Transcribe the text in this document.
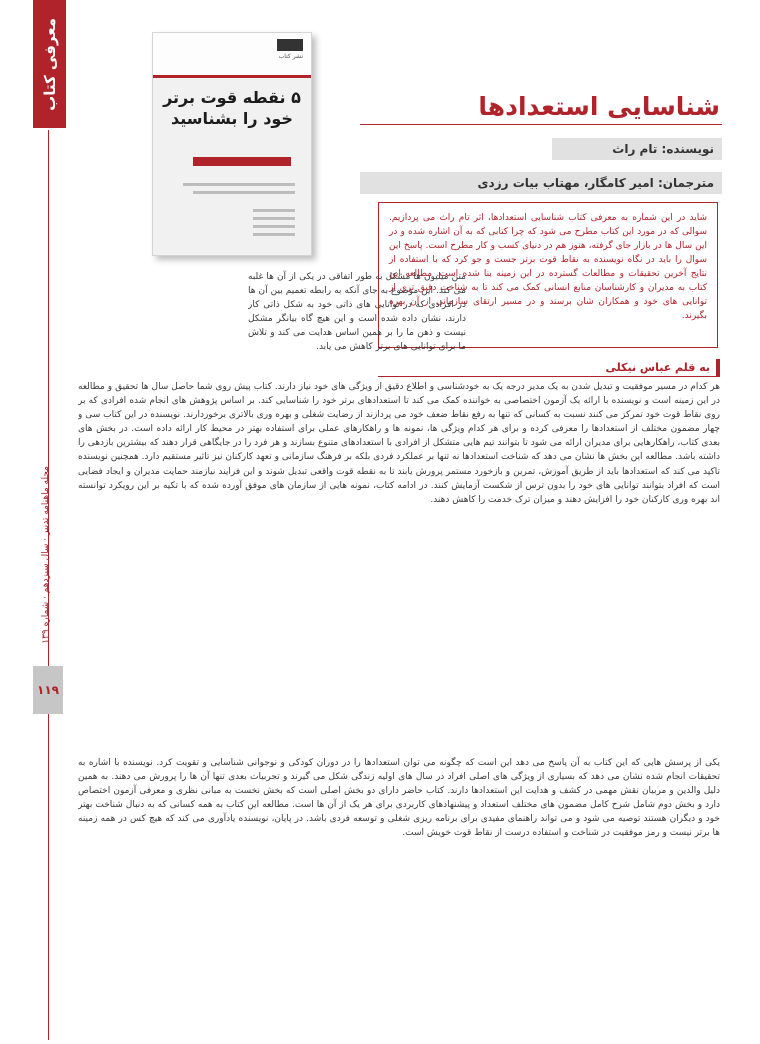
معرفی کتاب
مجله ماهنامه تدبیر · سال سیزدهم · شماره ۱۳۹
۱۱۹
نشر کتاب
۵ نقطه قوت برتر خود را بشناسید	شناسایی استعدادها
نویسنده: تام راث
مترجمان: امیر کامگار، مهتاب بیات رزدی
شاید در این شماره به معرفی کتاب شناسایی استعدادها، اثر تام راث می پردازیم. سوالی که در مورد این کتاب مطرح می شود که چرا کتابی که به آن اشاره شده و در این سال ها در بازار جای گرفته، هنوز هم در دنیای کسب و کار مطرح است. پاسخ این سوال را باید در نگاه نویسنده به نقاط قوت برتر جست و جو کرد که با استفاده از نتایج آخرین تحقیقات و مطالعات گسترده در این زمینه بنا شده است. مطالعه این کتاب به مدیران و کارشناسان منابع انسانی کمک می کند تا به شناخت دقیق تری از توانایی های خود و همکاران شان برسند و در مسیر ارتقای سازمانی از آن بهره بگیرند.
به قلم عباس نیکلی
متن میلیون ها مشکل به طور اتفاقی در یکی از آن ها غلبه می کند. این موضوع به جای آنکه به رابطه تعمیم بین آن ها در افرادی که در توانایی های ذاتی خود به شکل ذاتی کار دارند، نشان داده شده است و این هیچ گاه بیانگر مشکل نیست و ذهن ما را بر همین اساس هدایت می کند و تلاش ما برای توانایی های برتر کاهش می یابد.
هر کدام در مسیر موفقیت و تبدیل شدن به یک مدیر درجه یک به خودشناسی و اطلاع دقیق از ویژگی های خود نیاز دارند. کتاب پیش روی شما حاصل سال ها تحقیق و مطالعه در این زمینه است و نویسنده با ارائه یک آزمون اختصاصی به خواننده کمک می کند تا استعدادهای برتر خود را شناسایی کند. بر اساس پژوهش های انجام شده افرادی که بر روی نقاط قوت خود تمرکز می کنند نسبت به کسانی که تنها به رفع نقاط ضعف خود می پردازند از رضایت شغلی و بهره وری بالاتری برخوردارند. نویسنده در این کتاب سی و چهار مضمون مختلف از استعدادها را معرفی کرده و برای هر کدام ویژگی ها، نمونه ها و راهکارهای عملی برای استفاده بهتر در محیط کار ارائه داده است. در بخش های بعدی کتاب، راهکارهایی برای مدیران ارائه می شود تا بتوانند تیم هایی متشکل از افرادی با استعدادهای متنوع بسازند و هر فرد را در جایگاهی قرار دهند که بیشترین بازدهی را داشته باشد. مطالعه این بخش ها نشان می دهد که شناخت استعدادها نه تنها بر عملکرد فردی بلکه بر فرهنگ سازمانی و تعهد کارکنان نیز تاثیر مستقیم دارد. همچنین نویسنده تاکید می کند که استعدادها باید از طریق آموزش، تمرین و بازخورد مستمر پرورش یابند تا به نقطه قوت واقعی تبدیل شوند و این فرایند نیازمند حمایت مدیران و ایجاد فضایی است که افراد بتوانند توانایی های خود را بدون ترس از شکست آزمایش کنند. در ادامه کتاب، نمونه هایی از سازمان های موفق آورده شده که با تکیه بر این رویکرد توانسته اند بهره وری کارکنان خود را افزایش دهند و میزان ترک خدمت را کاهش دهند.
یکی از پرسش هایی که این کتاب به آن پاسخ می دهد این است که چگونه می توان استعدادها را در دوران کودکی و نوجوانی شناسایی و تقویت کرد. نویسنده با اشاره به تحقیقات انجام شده نشان می دهد که بسیاری از ویژگی های اصلی افراد در سال های اولیه زندگی شکل می گیرند و تجربیات بعدی تنها آن ها را پرورش می دهند. به همین دلیل والدین و مربیان نقش مهمی در کشف و هدایت این استعدادها دارند. کتاب حاضر دارای دو بخش اصلی است که بخش نخست به مبانی نظری و معرفی آزمون اختصاص دارد و بخش دوم شامل شرح کامل مضمون های مختلف استعداد و پیشنهادهای کاربردی برای هر یک از آن ها است. مطالعه این کتاب به همه کسانی که به دنبال شناخت بهتر خود و دیگران هستند توصیه می شود و می تواند راهنمای مفیدی برای برنامه ریزی شغلی و توسعه فردی باشد. در پایان، نویسنده یادآوری می کند که هیچ کس در همه زمینه ها برتر نیست و رمز موفقیت در شناخت و استفاده درست از نقاط قوت خویش است.
